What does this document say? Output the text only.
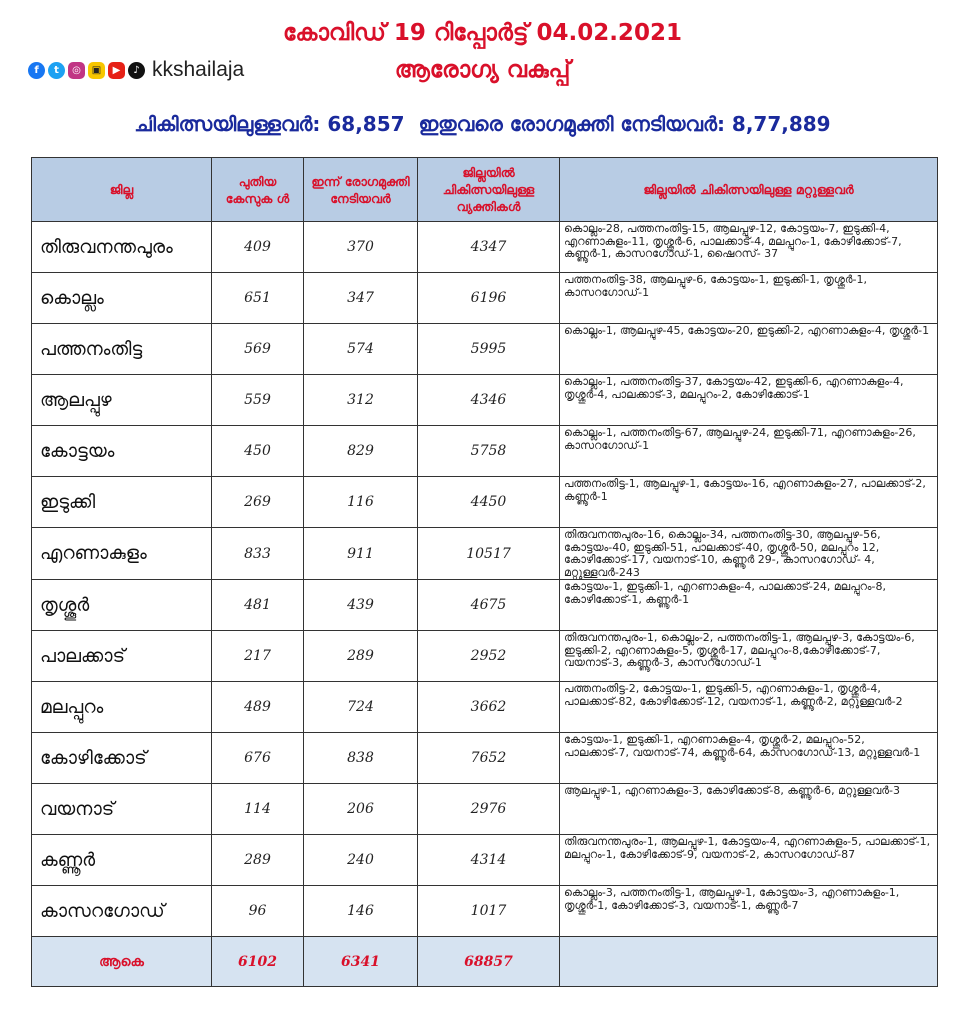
കോവിഡ് 19 റിപ്പോർട്ട് 04.02.2021
ആരോഗ്യ വകുപ്പ്
f	t	◎	▣	▶	♪ kkshailaja
ചികിത്സയിലുള്ളവർ: 68,857 ഇതുവരെ രോഗമുക്തി നേടിയവർ: 8,77,889
ജില്ല	പുതിയ കേസുക ൾ	ഇന്ന് രോഗമുക്തി നേടിയവർ	ജില്ലയിൽ ചികിത്സയിലുള്ള വ്യക്തികൾ	ജില്ലയിൽ ചികിത്സയിലുള്ള മറ്റുള്ളവർ
തിരുവനന്തപുരം	409	370	4347	കൊല്ലം-28, പത്തനംതിട്ട-15, ആലപ്പുഴ-12, കോട്ടയം-7, ഇടുക്കി-4, എറണാകുളം-11, തൃശ്ശൂർ-6, പാലക്കാട്-4, മലപ്പുറം-1, കോഴിക്കോട്-7, കണ്ണൂർ-1, കാസറഗോഡ്-1, ഷൈറസ്- 37
കൊല്ലം	651	347	6196	പത്തനംതിട്ട-38, ആലപ്പുഴ-6, കോട്ടയം-1, ഇടുക്കി-1, തൃശ്ശൂർ-1, കാസറഗോഡ്-1
പത്തനംതിട്ട	569	574	5995	കൊല്ലം-1, ആലപ്പുഴ-45, കോട്ടയം-20, ഇടുക്കി-2, എറണാകുളം-4, തൃശ്ശൂർ-1
ആലപ്പുഴ	559	312	4346	കൊല്ലം-1, പത്തനംതിട്ട-37, കോട്ടയം-42, ഇടുക്കി-6, എറണാകുളം-4, തൃശ്ശൂർ-4, പാലക്കാട്-3, മലപ്പുറം-2, കോഴിക്കോട്-1
കോട്ടയം	450	829	5758	കൊല്ലം-1, പത്തനംതിട്ട-67, ആലപ്പുഴ-24, ഇടുക്കി-71, എറണാകുളം-26, കാസറഗോഡ്-1
ഇടുക്കി	269	116	4450	പത്തനംതിട്ട-1, ആലപ്പുഴ-1, കോട്ടയം-16, എറണാകുളം-27, പാലക്കാട്-2, കണ്ണൂർ-1
എറണാകുളം	833	911	10517	തിരുവനന്തപുരം-16, കൊല്ലം-34, പത്തനംതിട്ട-30, ആലപ്പുഴ-56, കോട്ടയം-40, ഇടുക്കി-51, പാലക്കാട്-40, തൃശ്ശൂർ-50, മലപ്പുറം 12, കോഴിക്കോട്-17, വയനാട്-10, കണ്ണൂർ 29-, കാസറഗോഡ്- 4, മറ്റുള്ളവർ-243
തൃശ്ശൂർ	481	439	4675	കോട്ടയം-1, ഇടുക്കി-1, എറണാകുളം-4, പാലക്കാട്-24, മലപ്പുറം-8, കോഴിക്കോട്-1, കണ്ണൂർ-1
പാലക്കാട്	217	289	2952	തിരുവനന്തപുരം-1, കൊല്ലം-2, പത്തനംതിട്ട-1, ആലപ്പുഴ-3, കോട്ടയം-6, ഇടുക്കി-2, എറണാകുളം-5, തൃശ്ശൂർ-17, മലപ്പുറം-8,കോഴിക്കോട്-7, വയനാട്-3, കണ്ണൂർ-3, കാസറഗോഡ്-1
മലപ്പുറം	489	724	3662	പത്തനംതിട്ട-2, കോട്ടയം-1, ഇടുക്കി-5, എറണാകുളം-1, തൃശ്ശൂർ-4, പാലക്കാട്-82, കോഴിക്കോട്-12, വയനാട്-1, കണ്ണൂർ-2, മറ്റുള്ളവർ-2
കോഴിക്കോട്	676	838	7652	കോട്ടയം-1, ഇടുക്കി-1, എറണാകുളം-4, തൃശ്ശൂർ-2, മലപ്പുറം-52, പാലക്കാട്-7, വയനാട്-74, കണ്ണൂർ-64, കാസറഗോഡ്-13, മറ്റുള്ളവർ-1
വയനാട്	114	206	2976	ആലപ്പുഴ-1, എറണാകുളം-3, കോഴിക്കോട്-8, കണ്ണൂർ-6, മറ്റുള്ളവർ-3
കണ്ണൂർ	289	240	4314	തിരുവനന്തപുരം-1, ആലപ്പുഴ-1, കോട്ടയം-4, എറണാകുളം-5, പാലക്കാട്-1, മലപ്പുറം-1, കോഴിക്കോട്-9, വയനാട്-2, കാസറഗോഡ്-87
കാസറഗോഡ്	96	146	1017	കൊല്ലം-3, പത്തനംതിട്ട-1, ആലപ്പുഴ-1, കോട്ടയം-3, എറണാകുളം-1, തൃശ്ശൂർ-1, കോഴിക്കോട്-3, വയനാട്-1, കണ്ണൂർ-7
ആകെ	6102	6341	68857	
